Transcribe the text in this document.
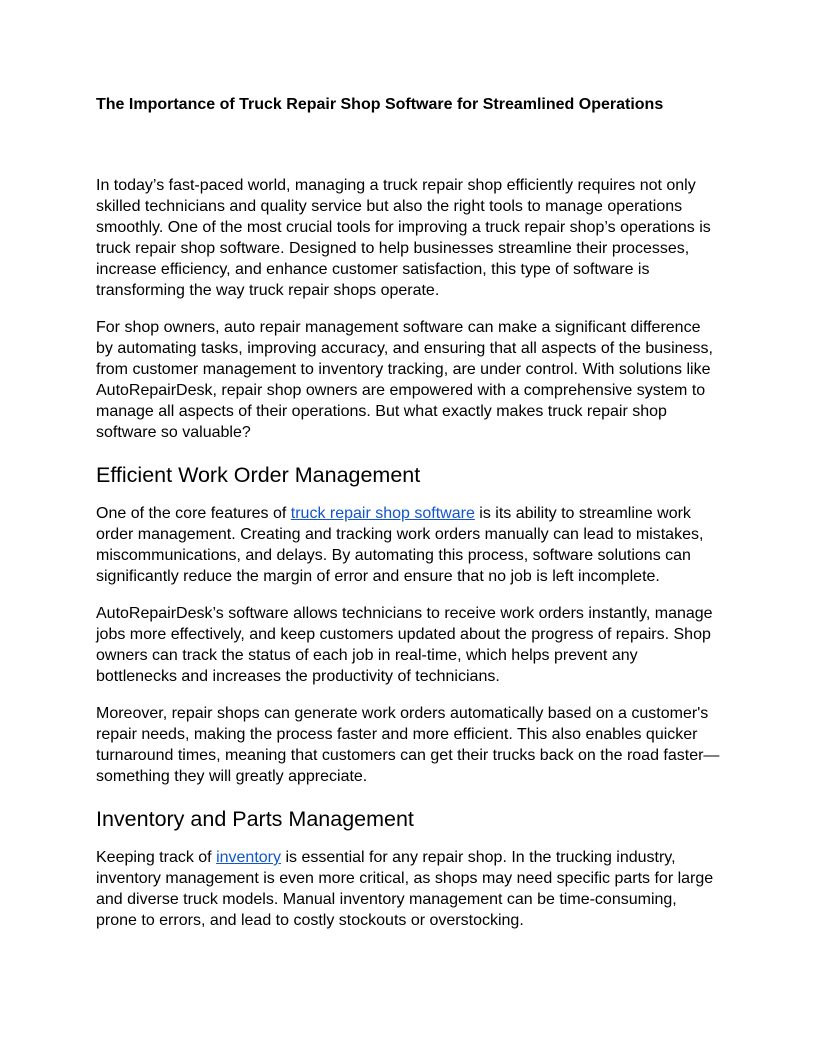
The Importance of Truck Repair Shop Software for Streamlined Operations

In today’s fast-paced world, managing a truck repair shop efficiently requires not only skilled technicians and quality service but also the right tools to manage operations smoothly. One of the most crucial tools for improving a truck repair shop’s operations is truck repair shop software. Designed to help businesses streamline their processes, increase efficiency, and enhance customer satisfaction, this type of software is transforming the way truck repair shops operate.

For shop owners, auto repair management software can make a significant difference by automating tasks, improving accuracy, and ensuring that all aspects of the business, from customer management to inventory tracking, are under control. With solutions like AutoRepairDesk, repair shop owners are empowered with a comprehensive system to manage all aspects of their operations. But what exactly makes truck repair shop software so valuable?

Efficient Work Order Management

One of the core features of truck repair shop software is its ability to streamline work order management. Creating and tracking work orders manually can lead to mistakes, miscommunications, and delays. By automating this process, software solutions can significantly reduce the margin of error and ensure that no job is left incomplete.

AutoRepairDesk’s software allows technicians to receive work orders instantly, manage jobs more effectively, and keep customers updated about the progress of repairs. Shop owners can track the status of each job in real-time, which helps prevent any bottlenecks and increases the productivity of technicians.

Moreover, repair shops can generate work orders automatically based on a customer's repair needs, making the process faster and more efficient. This also enables quicker turnaround times, meaning that customers can get their trucks back on the road faster—something they will greatly appreciate.

Inventory and Parts Management

Keeping track of inventory is essential for any repair shop. In the trucking industry, inventory management is even more critical, as shops may need specific parts for large and diverse truck models. Manual inventory management can be time-consuming, prone to errors, and lead to costly stockouts or overstocking.
